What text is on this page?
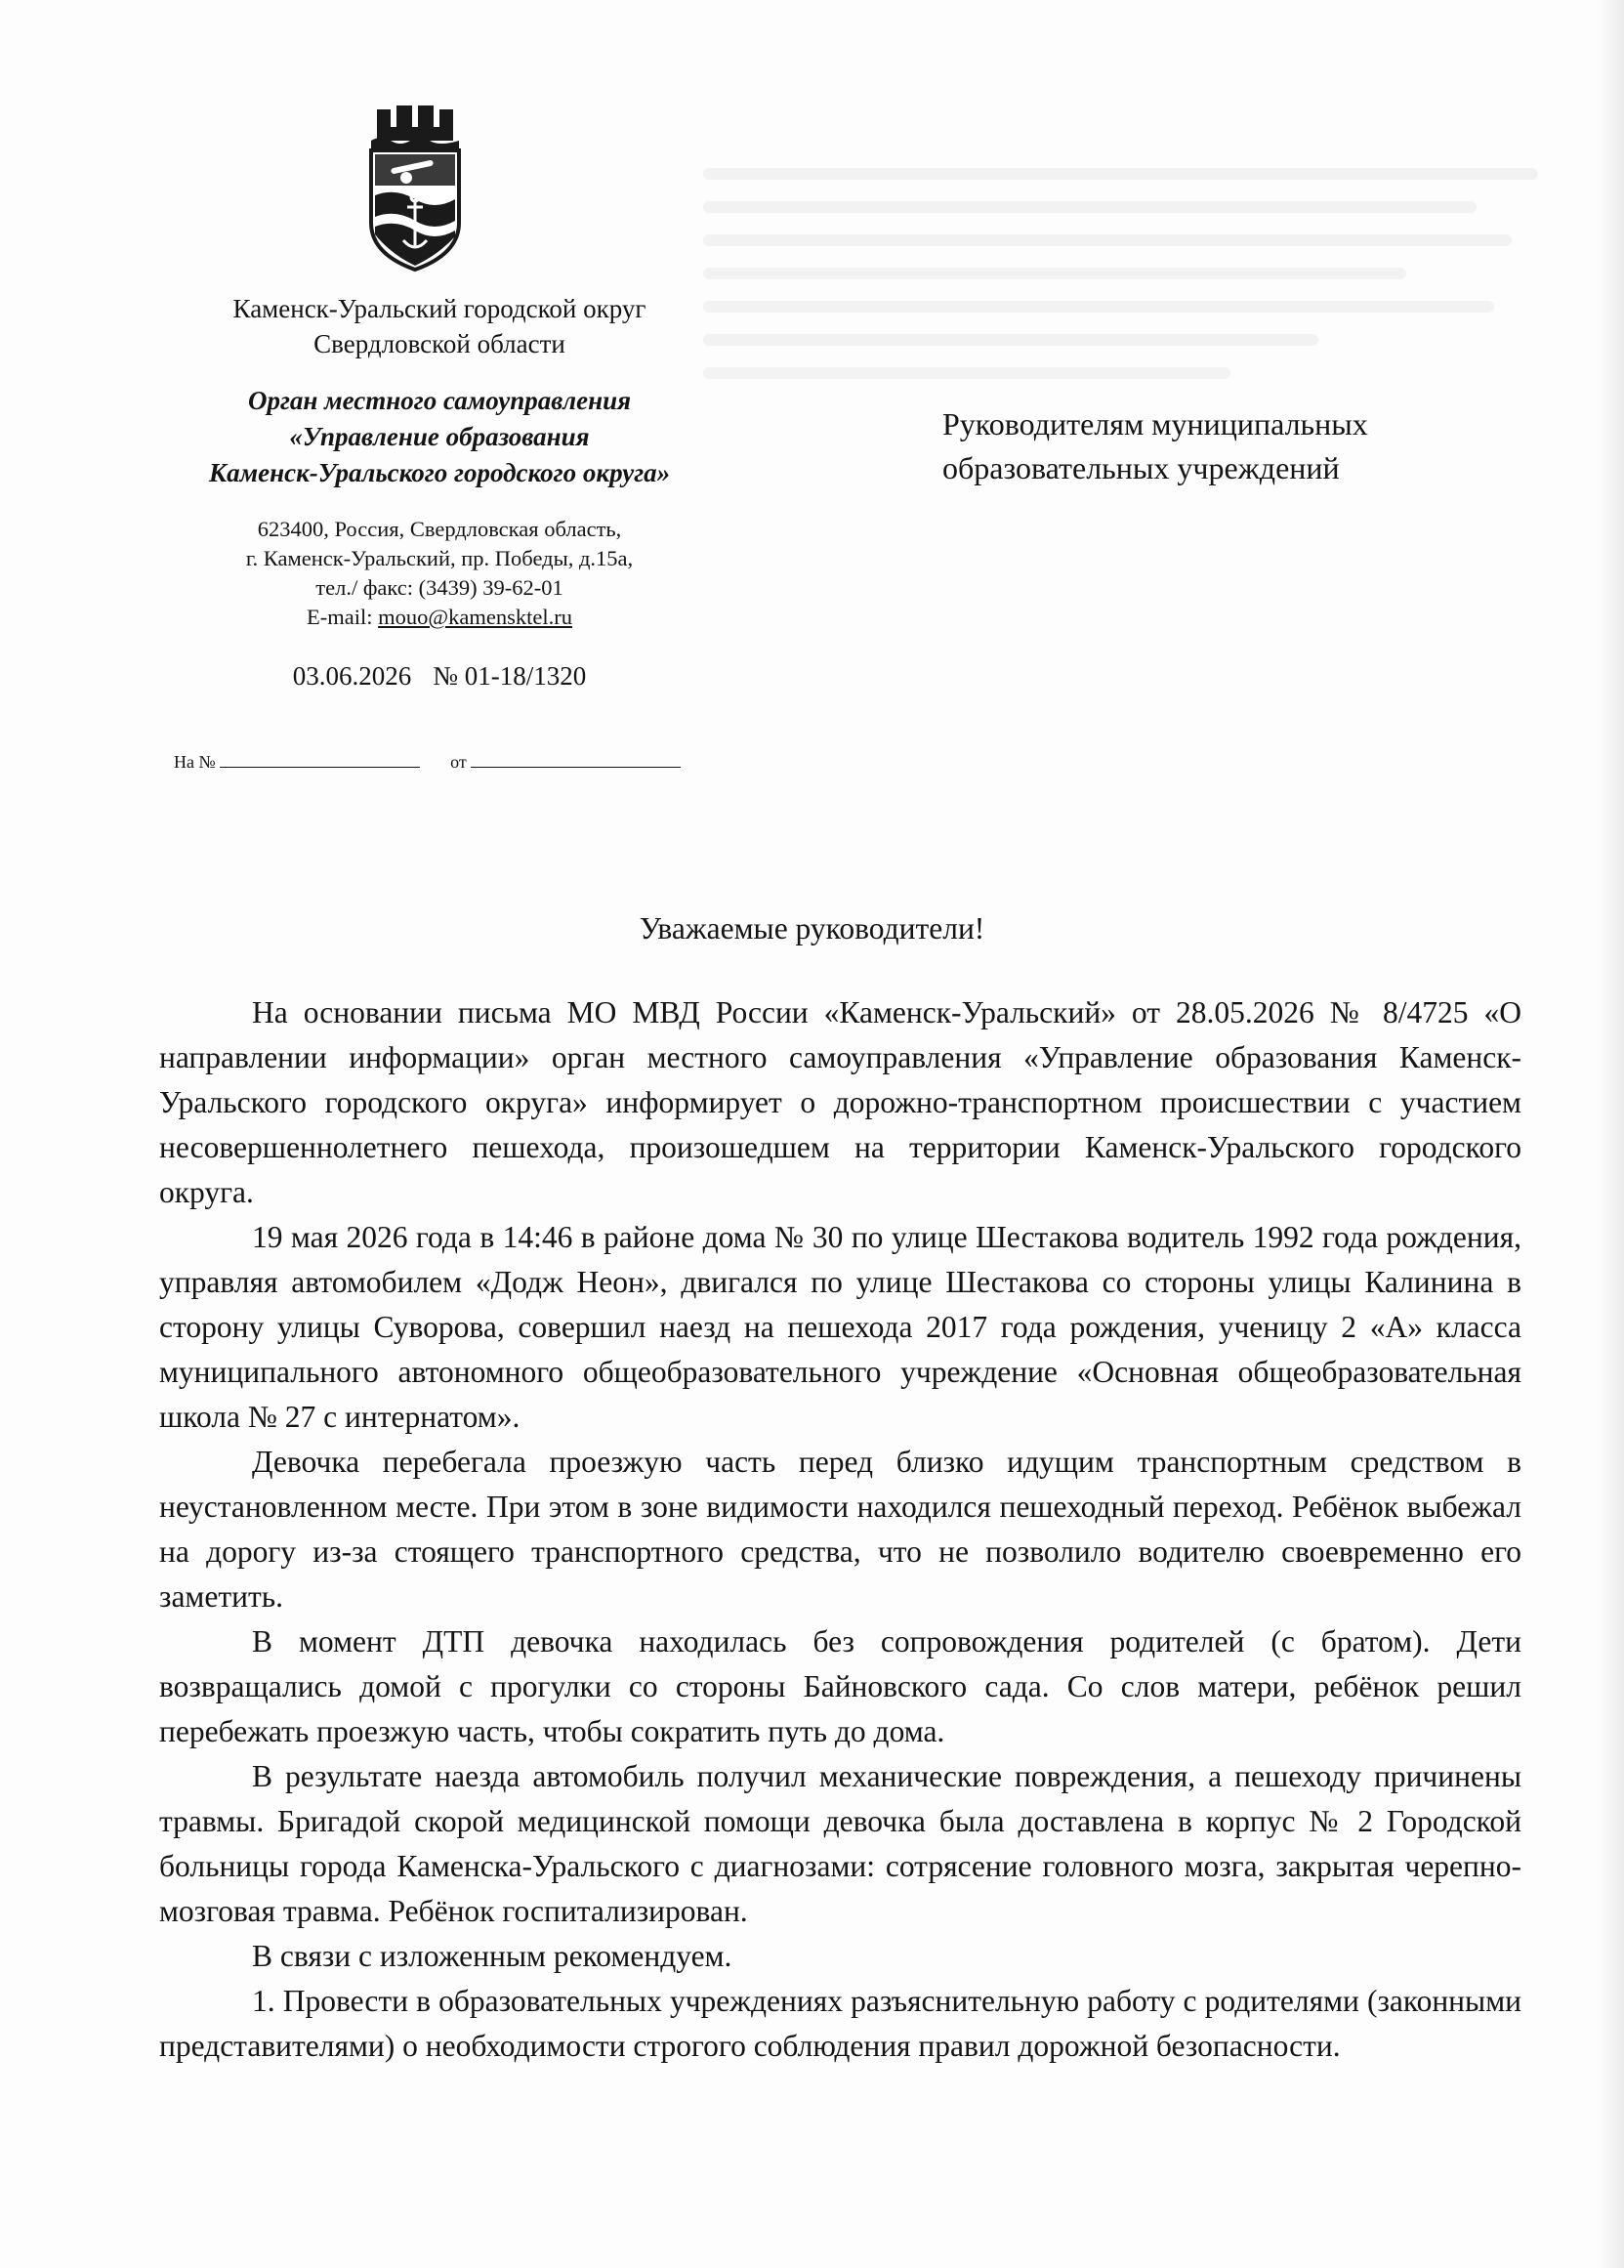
Каменск-Уральский городской округ
Свердловской области
Орган местного самоуправления
«Управление образования
Каменск-Уральского городского округа»
623400, Россия, Свердловская область,
г. Каменск-Уральский, пр. Победы, д.15а,
тел./ факс: (3439) 39-62-01
E-mail: mouo@kamensktel.ru
03.06.2026 № 01-18/1320
На №	от
Руководителям муниципальных
образовательных учреждений
Уважаемые руководители!

На основании письма МО МВД России «Каменск-Уральский» от 28.05.2026 № 8/4725 «О направлении информации» орган местного самоуправления «Управление образования Каменск-Уральского городского округа» информирует о дорожно-транспортном происшествии с участием несовершеннолетнего пешехода, произошедшем на территории Каменск-Уральского городского округа.

19 мая 2026 года в 14:46 в районе дома № 30 по улице Шестакова водитель 1992 года рождения, управляя автомобилем «Додж Неон», двигался по улице Шестакова со стороны улицы Калинина в сторону улицы Суворова, совершил наезд на пешехода 2017 года рождения, ученицу 2 «А» класса муниципального автономного общеобразовательного учреждение «Основная общеобразовательная школа № 27 с интернатом».

Девочка перебегала проезжую часть перед близко идущим транспортным средством в неустановленном месте. При этом в зоне видимости находился пешеходный переход. Ребёнок выбежал на дорогу из-за стоящего транспортного средства, что не позволило водителю своевременно его заметить.

В момент ДТП девочка находилась без сопровождения родителей (с братом). Дети возвращались домой с прогулки со стороны Байновского сада. Со слов матери, ребёнок решил перебежать проезжую часть, чтобы сократить путь до дома.

В результате наезда автомобиль получил механические повреждения, а пешеходу причинены травмы. Бригадой скорой медицинской помощи девочка была доставлена в корпус № 2 Городской больницы города Каменска-Уральского с диагнозами: сотрясение головного мозга, закрытая черепно-мозговая травма. Ребёнок госпитализирован.

В связи с изложенным рекомендуем.

1. Провести в образовательных учреждениях разъяснительную работу с родителями (законными представителями) о необходимости строгого соблюдения правил дорожной безопасности.
